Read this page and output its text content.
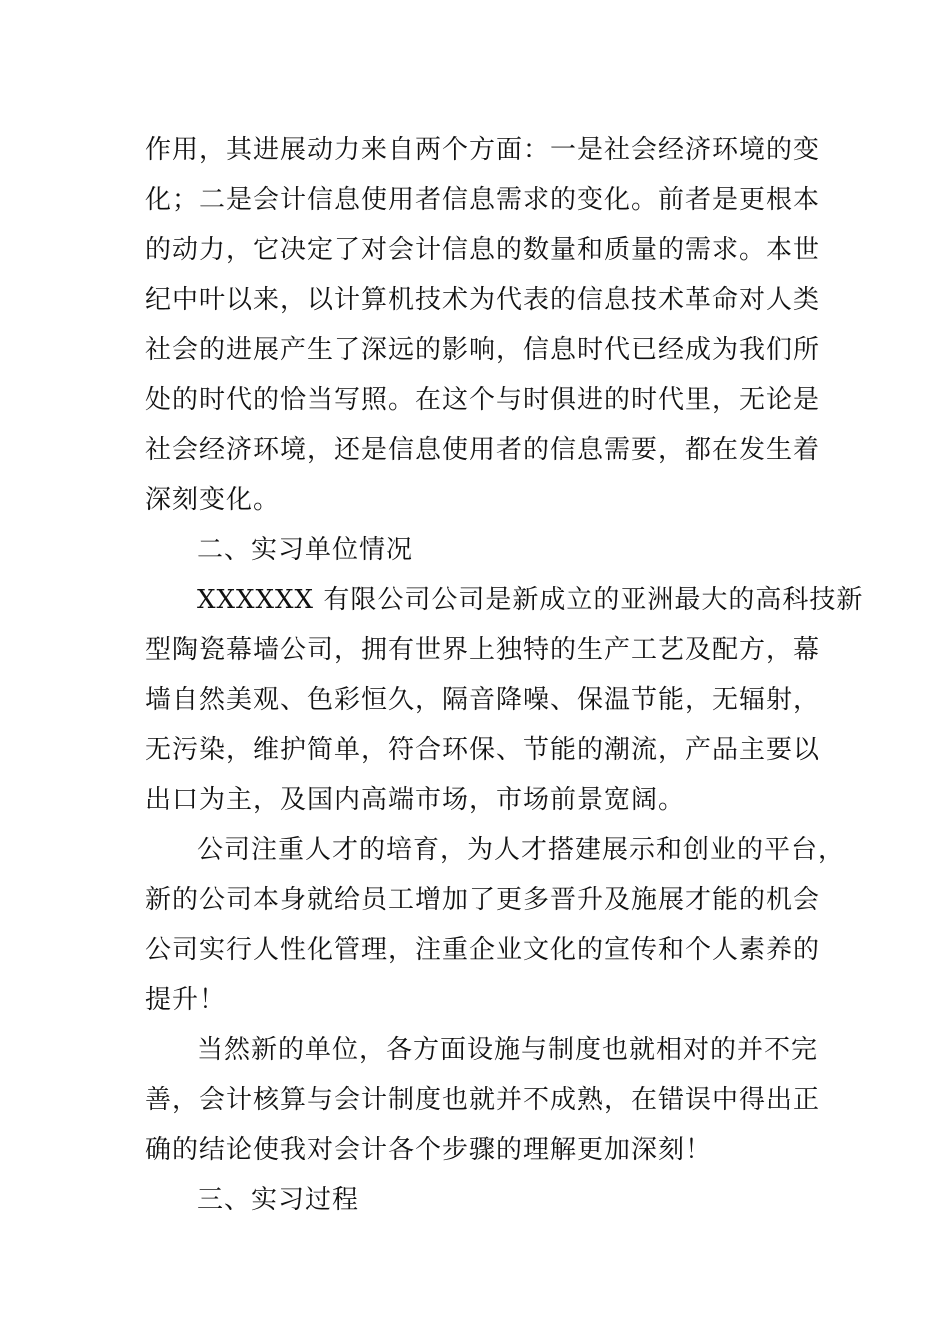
作用，其进展动力来自两个方面：一是社会经济环境的变
化；二是会计信息使用者信息需求的变化。前者是更根本
的动力，它决定了对会计信息的数量和质量的需求。本世
纪中叶以来，以计算机技术为代表的信息技术革命对人类
社会的进展产生了深远的影响，信息时代已经成为我们所
处的时代的恰当写照。在这个与时俱进的时代里，无论是
社会经济环境，还是信息使用者的信息需要，都在发生着
深刻变化。
二、实习单位情况
XXXXXX 有限公司公司是新成立的亚洲最大的高科技新
型陶瓷幕墙公司，拥有世界上独特的生产工艺及配方，幕
墙自然美观、色彩恒久，隔音降噪、保温节能，无辐射，
无污染，维护简单，符合环保、节能的潮流，产品主要以
出口为主，及国内高端市场，市场前景宽阔。
公司注重人才的培育，为人才搭建展示和创业的平台，
新的公司本身就给员工增加了更多晋升及施展才能的机会
公司实行人性化管理，注重企业文化的宣传和个人素养的
提升！
当然新的单位，各方面设施与制度也就相对的并不完
善，会计核算与会计制度也就并不成熟，在错误中得出正
确的结论使我对会计各个步骤的理解更加深刻！
三、实习过程
